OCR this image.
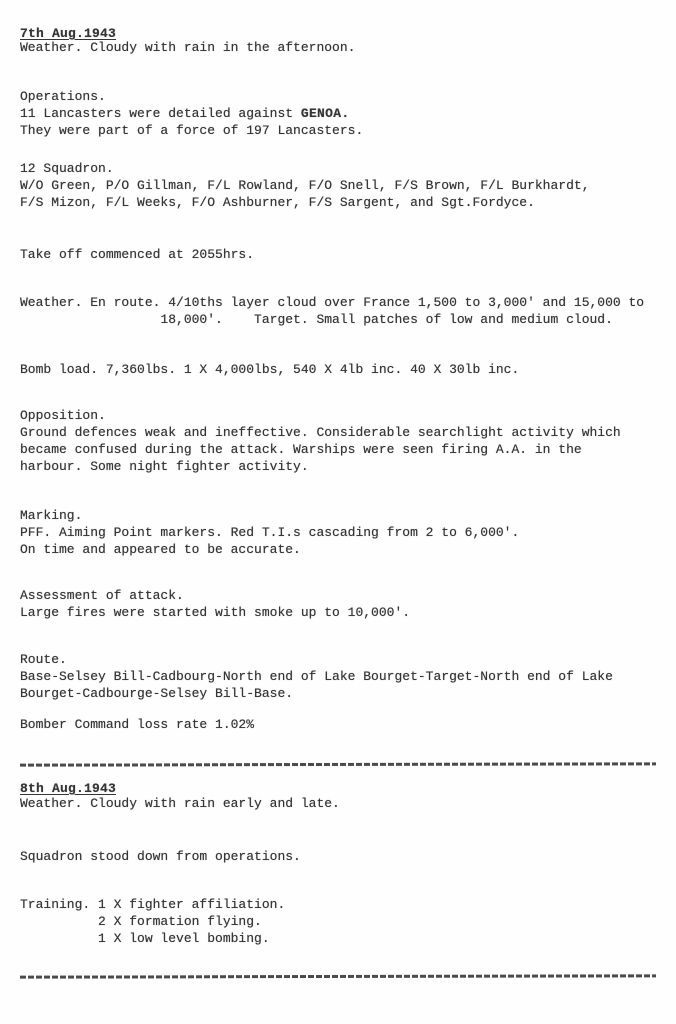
7th Aug.1943
Weather. Cloudy with rain in the afternoon.
Operations.
11 Lancasters were detailed against GENOA.
They were part of a force of 197 Lancasters.
12 Squadron.
W/O Green, P/O Gillman, F/L Rowland, F/O Snell, F/S Brown, F/L Burkhardt,
F/S Mizon, F/L Weeks, F/O Ashburner, F/S Sargent, and Sgt.Fordyce.
Take off commenced at 2055hrs.
Weather. En route. 4/10ths layer cloud over France 1,500 to 3,000' and 15,000 to
18,000'.    Target. Small patches of low and medium cloud.
Bomb load. 7,360lbs. 1 X 4,000lbs, 540 X 4lb inc. 40 X 30lb inc.
Opposition.
Ground defences weak and ineffective. Considerable searchlight activity which
became confused during the attack. Warships were seen firing A.A. in the
harbour. Some night fighter activity.
Marking.
PFF. Aiming Point markers. Red T.I.s cascading from 2 to 6,000'.
On time and appeared to be accurate.
Assessment of attack.
Large fires were started with smoke up to 10,000'.
Route.
Base-Selsey Bill-Cadbourg-North end of Lake Bourget-Target-North end of Lake
Bourget-Cadbourge-Selsey Bill-Base.
Bomber Command loss rate 1.02%
8th Aug.1943
Weather. Cloudy with rain early and late.
Squadron stood down from operations.
Training. 1 X fighter affiliation.
2 X formation flying.
1 X low level bombing.
